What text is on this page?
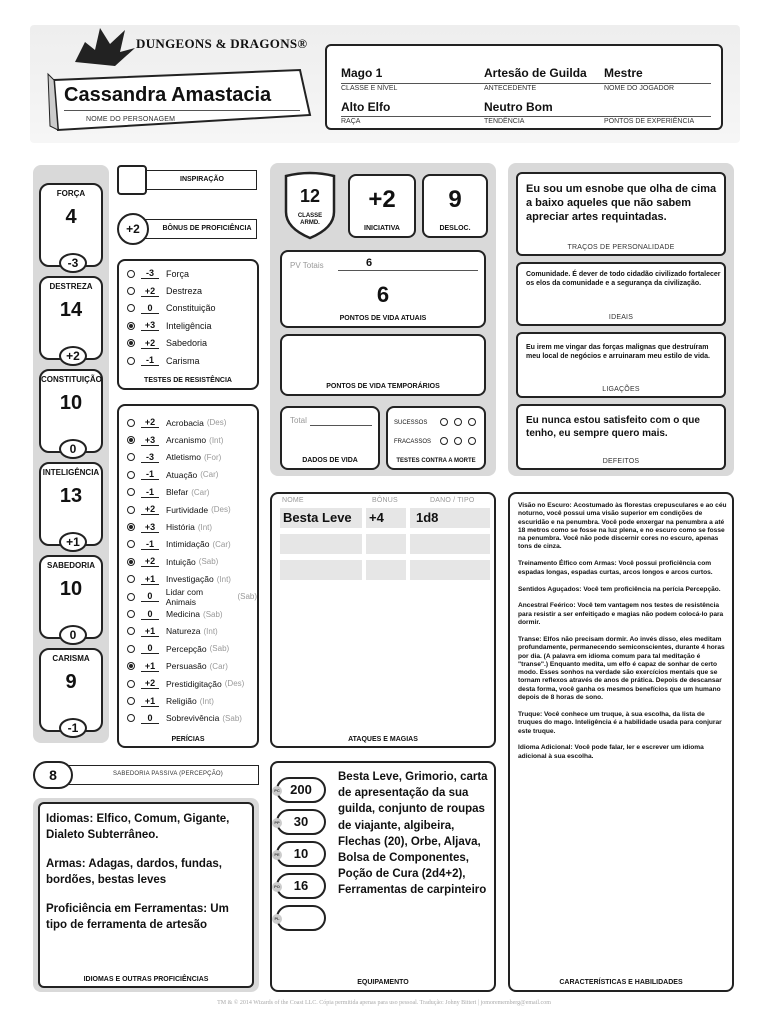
DUNGEONS & DRAGONS®
Cassandra Amastacia
NOME DO PERSONAGEM
Mago 1
CLASSE E NÍVEL
Artesão de Guilda
ANTECEDENTE
Mestre
NOME DO JOGADOR
Alto Elfo
RAÇA
Neutro Bom
TENDÊNCIA	PONTOS DE EXPERIÊNCIA
FORÇA
4
-3
DESTREZA
14
+2
CONSTITUIÇÃO
10
0
INTELIGÊNCIA
13
+1
SABEDORIA
10
0
CARISMA
9
-1
INSPIRAÇÃO
+2	BÔNUS DE PROFICIÊNCIA
-3	Força
+2	Destreza
0	Constituição
+3	Inteligência
+2	Sabedoria
-1	Carisma
TESTES DE RESISTÊNCIA
+2	Acrobacia (Des)
+3	Arcanismo (Int)
-3	Atletismo (For)
-1	Atuação (Car)
-1	Blefar (Car)
+2	Furtividade (Des)
+3	História (Int)
-1	Intimidação (Car)
+2	Intuição (Sab)
+1	Investigação (Int)
0	Lidar com Animais
(Sab)
0	Medicina (Sab)
+1	Natureza (Int)
0	Percepção (Sab)
+1	Persuasão (Car)
+2	Prestidigitação (Des)
+1	Religião (Int)
0	Sobrevivência (Sab)
PERÍCIAS
12
CLASSE ARMD.
+2
INICIATIVA
9
DESLOC.
PV Totais	6
6
PONTOS DE VIDA ATUAIS
PONTOS DE VIDA TEMPORÁRIOS
Total
DADOS DE VIDA
SUCESSOS
FRACASSOS
TESTES CONTRA A MORTE
NOME	BÔNUS	DANO / TIPO
Besta Leve	+4	1d8
ATAQUES E MAGIAS
Eu sou um esnobe que olha de cima a baixo aqueles que não sabem apreciar artes requintadas.
TRAÇOS DE PERSONALIDADE
Comunidade. É dever de todo cidadão civilizado fortalecer os elos da comunidade e a segurança da civilização.
IDEAIS
Eu irem me vingar das forças malignas que destruíram meu local de negócios e arruinaram meu estilo de vida.
LIGAÇÕES
Eu nunca estou satisfeito com o que tenho, eu sempre quero mais.
DEFEITOS
Visão no Escuro: Acostumado às florestas crepusculares e ao céu noturno, você possui uma visão superior em condições de escuridão e na penumbra. Você pode enxergar na penumbra a até 18 metros como se fosse na luz plena, e no escuro como se fosse na penumbra. Você não pode discernir cores no escuro, apenas tons de cinza.
Treinamento Élfico com Armas: Você possui proficiência com espadas longas, espadas curtas, arcos longos e arcos curtos.
Sentidos Aguçados: Você tem proficiência na perícia Percepção.
Ancestral Feérico: Você tem vantagem nos testes de resistência para resistir a ser enfeitiçado e magias não podem colocá-lo para dormir.
Transe: Elfos não precisam dormir. Ao invés disso, eles meditam profundamente, permanecendo semiconscientes, durante 4 horas por dia. (A palavra em idioma comum para tal meditação é "transe".) Enquanto medita, um elfo é capaz de sonhar de certo modo. Esses sonhos na verdade são exercícios mentais que se tornam reflexos através de anos de prática. Depois de descansar desta forma, você ganha os mesmos benefícios que um humano depois de 8 horas de sono.
Truque: Você conhece um truque, à sua escolha, da lista de truques do mago. Inteligência é a habilidade usada para conjurar este truque.
Idioma Adicional: Você pode falar, ler e escrever um idioma adicional à sua escolha.
CARACTERÍSTICAS E HABILIDADES
8	SABEDORIA PASSIVA (PERCEPÇÃO)
Idiomas: Elfico, Comum, Gigante, Dialeto Subterrâneo.
Armas: Adagas, dardos, fundas, bordões, bestas leves
Proficiência em Ferramentas: Um tipo de ferramenta de artesão
IDIOMAS E OUTRAS PROFICIÊNCIAS
PC 200
PP 30
PE 10
PO 16
PL
Besta Leve, Grimorio, carta de apresentação da sua guilda, conjunto de roupas de viajante, algibeira, Flechas (20), Orbe, Aljava, Bolsa de Componentes, Poção de Cura (2d4+2), Ferramentas de carpinteiro
EQUIPAMENTO
TM & © 2014 Wizards of the Coast LLC. Cópia permitida apenas para uso pessoal. Tradução: Johny Bitteri | jomorememberg@email.com
